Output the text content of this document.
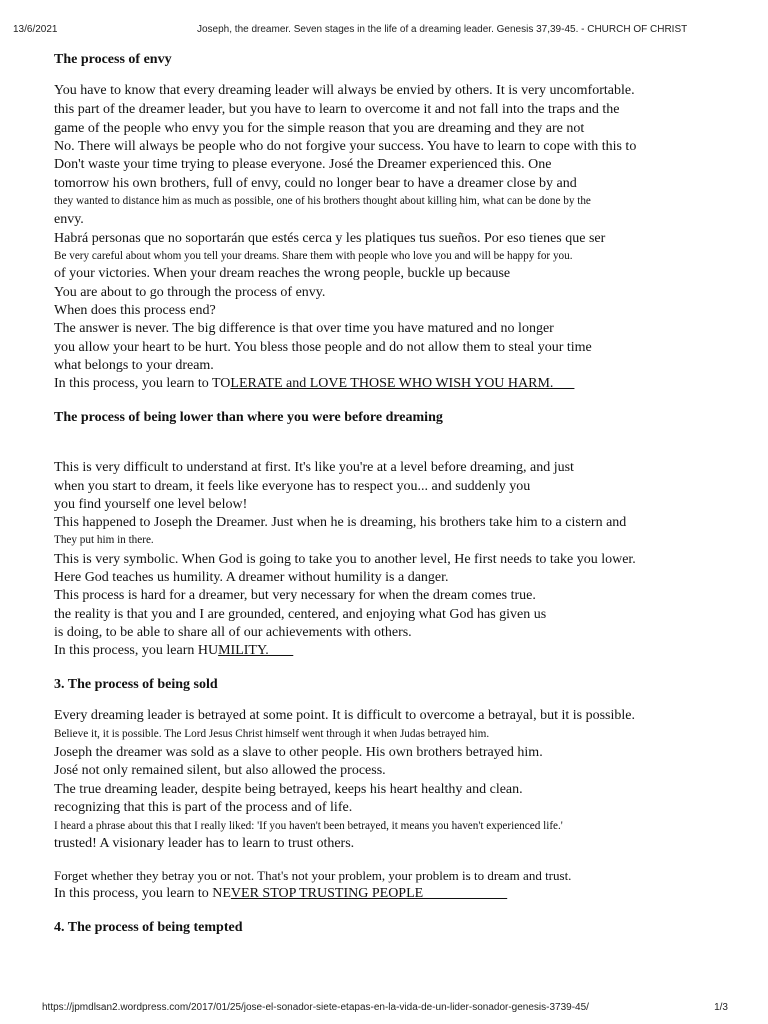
13/6/2021	Joseph, the dreamer. Seven stages in the life of a dreaming leader. Genesis 37,39-45. - CHURCH OF CHRIST
The process of envy
You have to know that every dreaming leader will always be envied by others. It is very uncomfortable.
this part of the dreamer leader, but you have to learn to overcome it and not fall into the traps and the
game of the people who envy you for the simple reason that you are dreaming and they are not
No. There will always be people who do not forgive your success. You have to learn to cope with this to
Don't waste your time trying to please everyone. José the Dreamer experienced this. One
tomorrow his own brothers, full of envy, could no longer bear to have a dreamer close by and
they wanted to distance him as much as possible, one of his brothers thought about killing him, what can be done by the
envy.
Habrá personas que no soportarán que estés cerca y les platiques tus sueños. Por eso tienes que ser
Be very careful about whom you tell your dreams. Share them with people who love you and will be happy for you.
of your victories. When your dream reaches the wrong people, buckle up because
You are about to go through the process of envy.
When does this process end?
The answer is never. The big difference is that over time you have matured and no longer
you allow your heart to be hurt. You bless those people and do not allow them to steal your time
what belongs to your dream.
In this process, you learn to TOLERATE and LOVE THOSE WHO WISH YOU HARM.
The process of being lower than where you were before dreaming
This is very difficult to understand at first. It's like you're at a level before dreaming, and just
when you start to dream, it feels like everyone has to respect you... and suddenly you
you find yourself one level below!
This happened to Joseph the Dreamer. Just when he is dreaming, his brothers take him to a cistern and
They put him in there.
This is very symbolic. When God is going to take you to another level, He first needs to take you lower.
Here God teaches us humility. A dreamer without humility is a danger.
This process is hard for a dreamer, but very necessary for when the dream comes true.
the reality is that you and I are grounded, centered, and enjoying what God has given us
is doing, to be able to share all of our achievements with others.
In this process, you learn HUMILITY.
3. The process of being sold
Every dreaming leader is betrayed at some point. It is difficult to overcome a betrayal, but it is possible.
Believe it, it is possible. The Lord Jesus Christ himself went through it when Judas betrayed him.
Joseph the dreamer was sold as a slave to other people. His own brothers betrayed him.
José not only remained silent, but also allowed the process.
The true dreaming leader, despite being betrayed, keeps his heart healthy and clean.
recognizing that this is part of the process and of life.
I heard a phrase about this that I really liked: 'If you haven't been betrayed, it means you haven't experienced life.'
trusted! A visionary leader has to learn to trust others.
Forget whether they betray you or not. That's not your problem, your problem is to dream and trust.
In this process, you learn to NEVER STOP TRUSTING PEOPLE
4. The process of being tempted
https://jpmdlsan2.wordpress.com/2017/01/25/jose-el-sonador-siete-etapas-en-la-vida-de-un-lider-sonador-genesis-3739-45/	1/3
